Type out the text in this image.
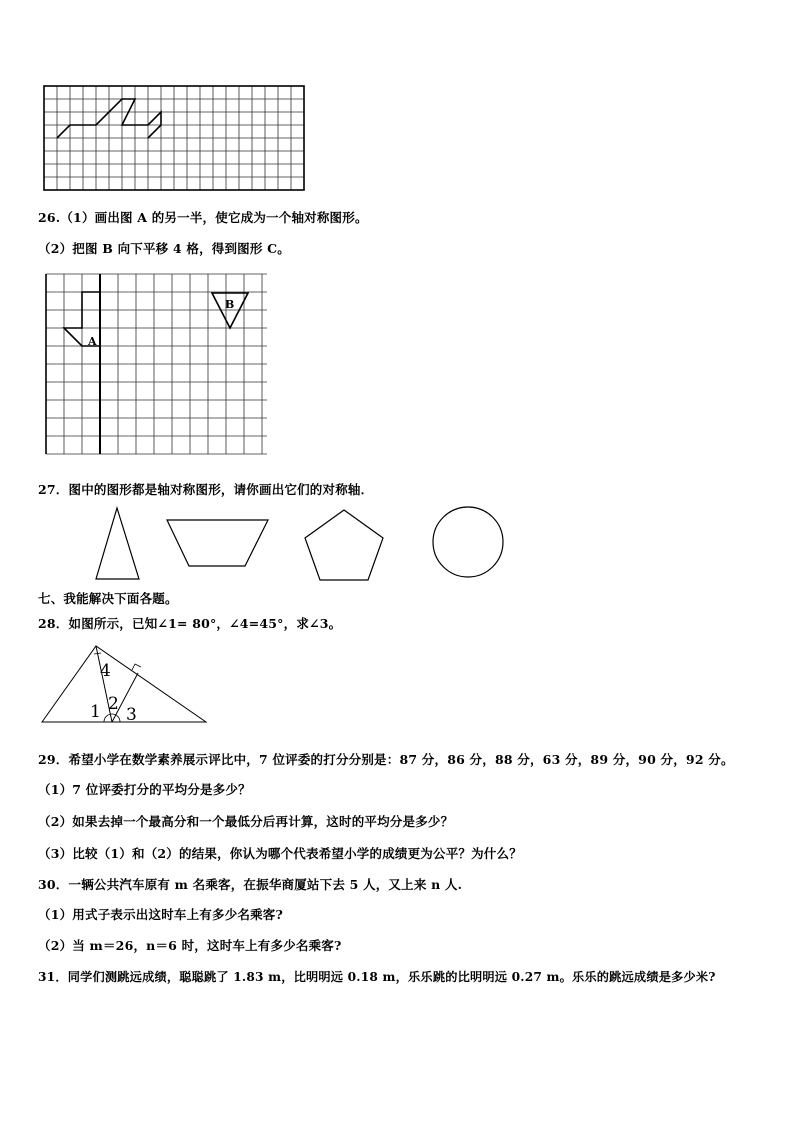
26.（1）画出图 A 的另一半，使它成为一个轴对称图形。
（2）把图 B 向下平移 4 格，得到图形 C。
A
B
27．图中的图形都是轴对称图形，请你画出它们的对称轴．
七、我能解决下面各题。
28．如图所示，已知∠1= 80°，∠4=45°，求∠3。
4
1 2
3
29．希望小学在数学素养展示评比中，7 位评委的打分分别是：87 分，86 分，88 分，63 分，89 分，90 分，92 分。
（1）7 位评委打分的平均分是多少？
（2）如果去掉一个最高分和一个最低分后再计算，这时的平均分是多少？
（3）比较（1）和（2）的结果，你认为哪个代表希望小学的成绩更为公平？为什么？
30．一辆公共汽车原有 m 名乘客，在振华商厦站下去 5 人，又上来 n 人.
（1）用式子表示出这时车上有多少名乘客?
（2）当 m＝26，n＝6 时，这时车上有多少名乘客?
31．同学们测跳远成绩，聪聪跳了 1.83 m，比明明远 0.18 m，乐乐跳的比明明远 0.27 m。乐乐的跳远成绩是多少米?
